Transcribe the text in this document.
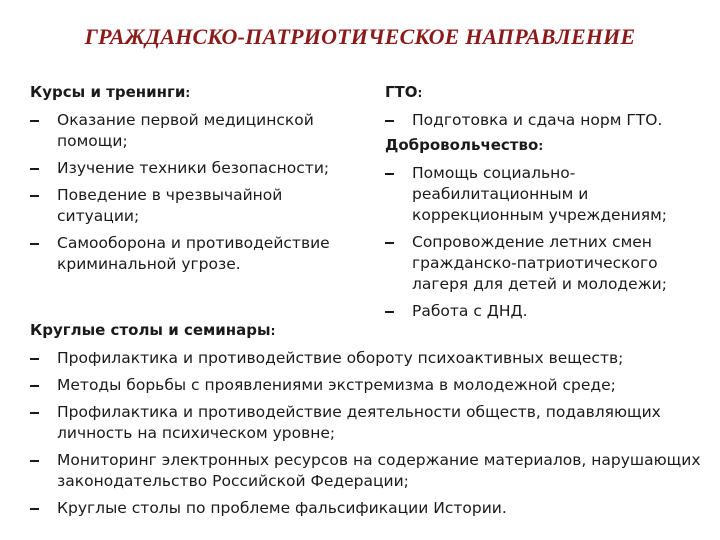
ГРАЖДАНСКО-ПАТРИОТИЧЕСКОЕ НАПРАВЛЕНИЕ
Курсы и тренинги:
Оказание первой медицинской помощи;
Изучение техники безопасности;
Поведение в чрезвычайной ситуации;
Самооборона и противодействие криминальной угрозе.
ГТО:
Подготовка и сдача норм ГТО.
Добровольчество:
Помощь социально-реабилитационным и коррекционным учреждениям;
Сопровождение летних смен гражданско-патриотического лагеря для детей и молодежи;
Работа с ДНД.
Круглые столы и семинары:
Профилактика и противодействие обороту психоактивных веществ;
Методы борьбы с проявлениями экстремизма в молодежной среде;
Профилактика и противодействие деятельности обществ, подавляющих личность на психическом уровне;
Мониторинг электронных ресурсов на содержание материалов, нарушающих законодательство Российской Федерации;
Круглые столы по проблеме фальсификации Истории.
